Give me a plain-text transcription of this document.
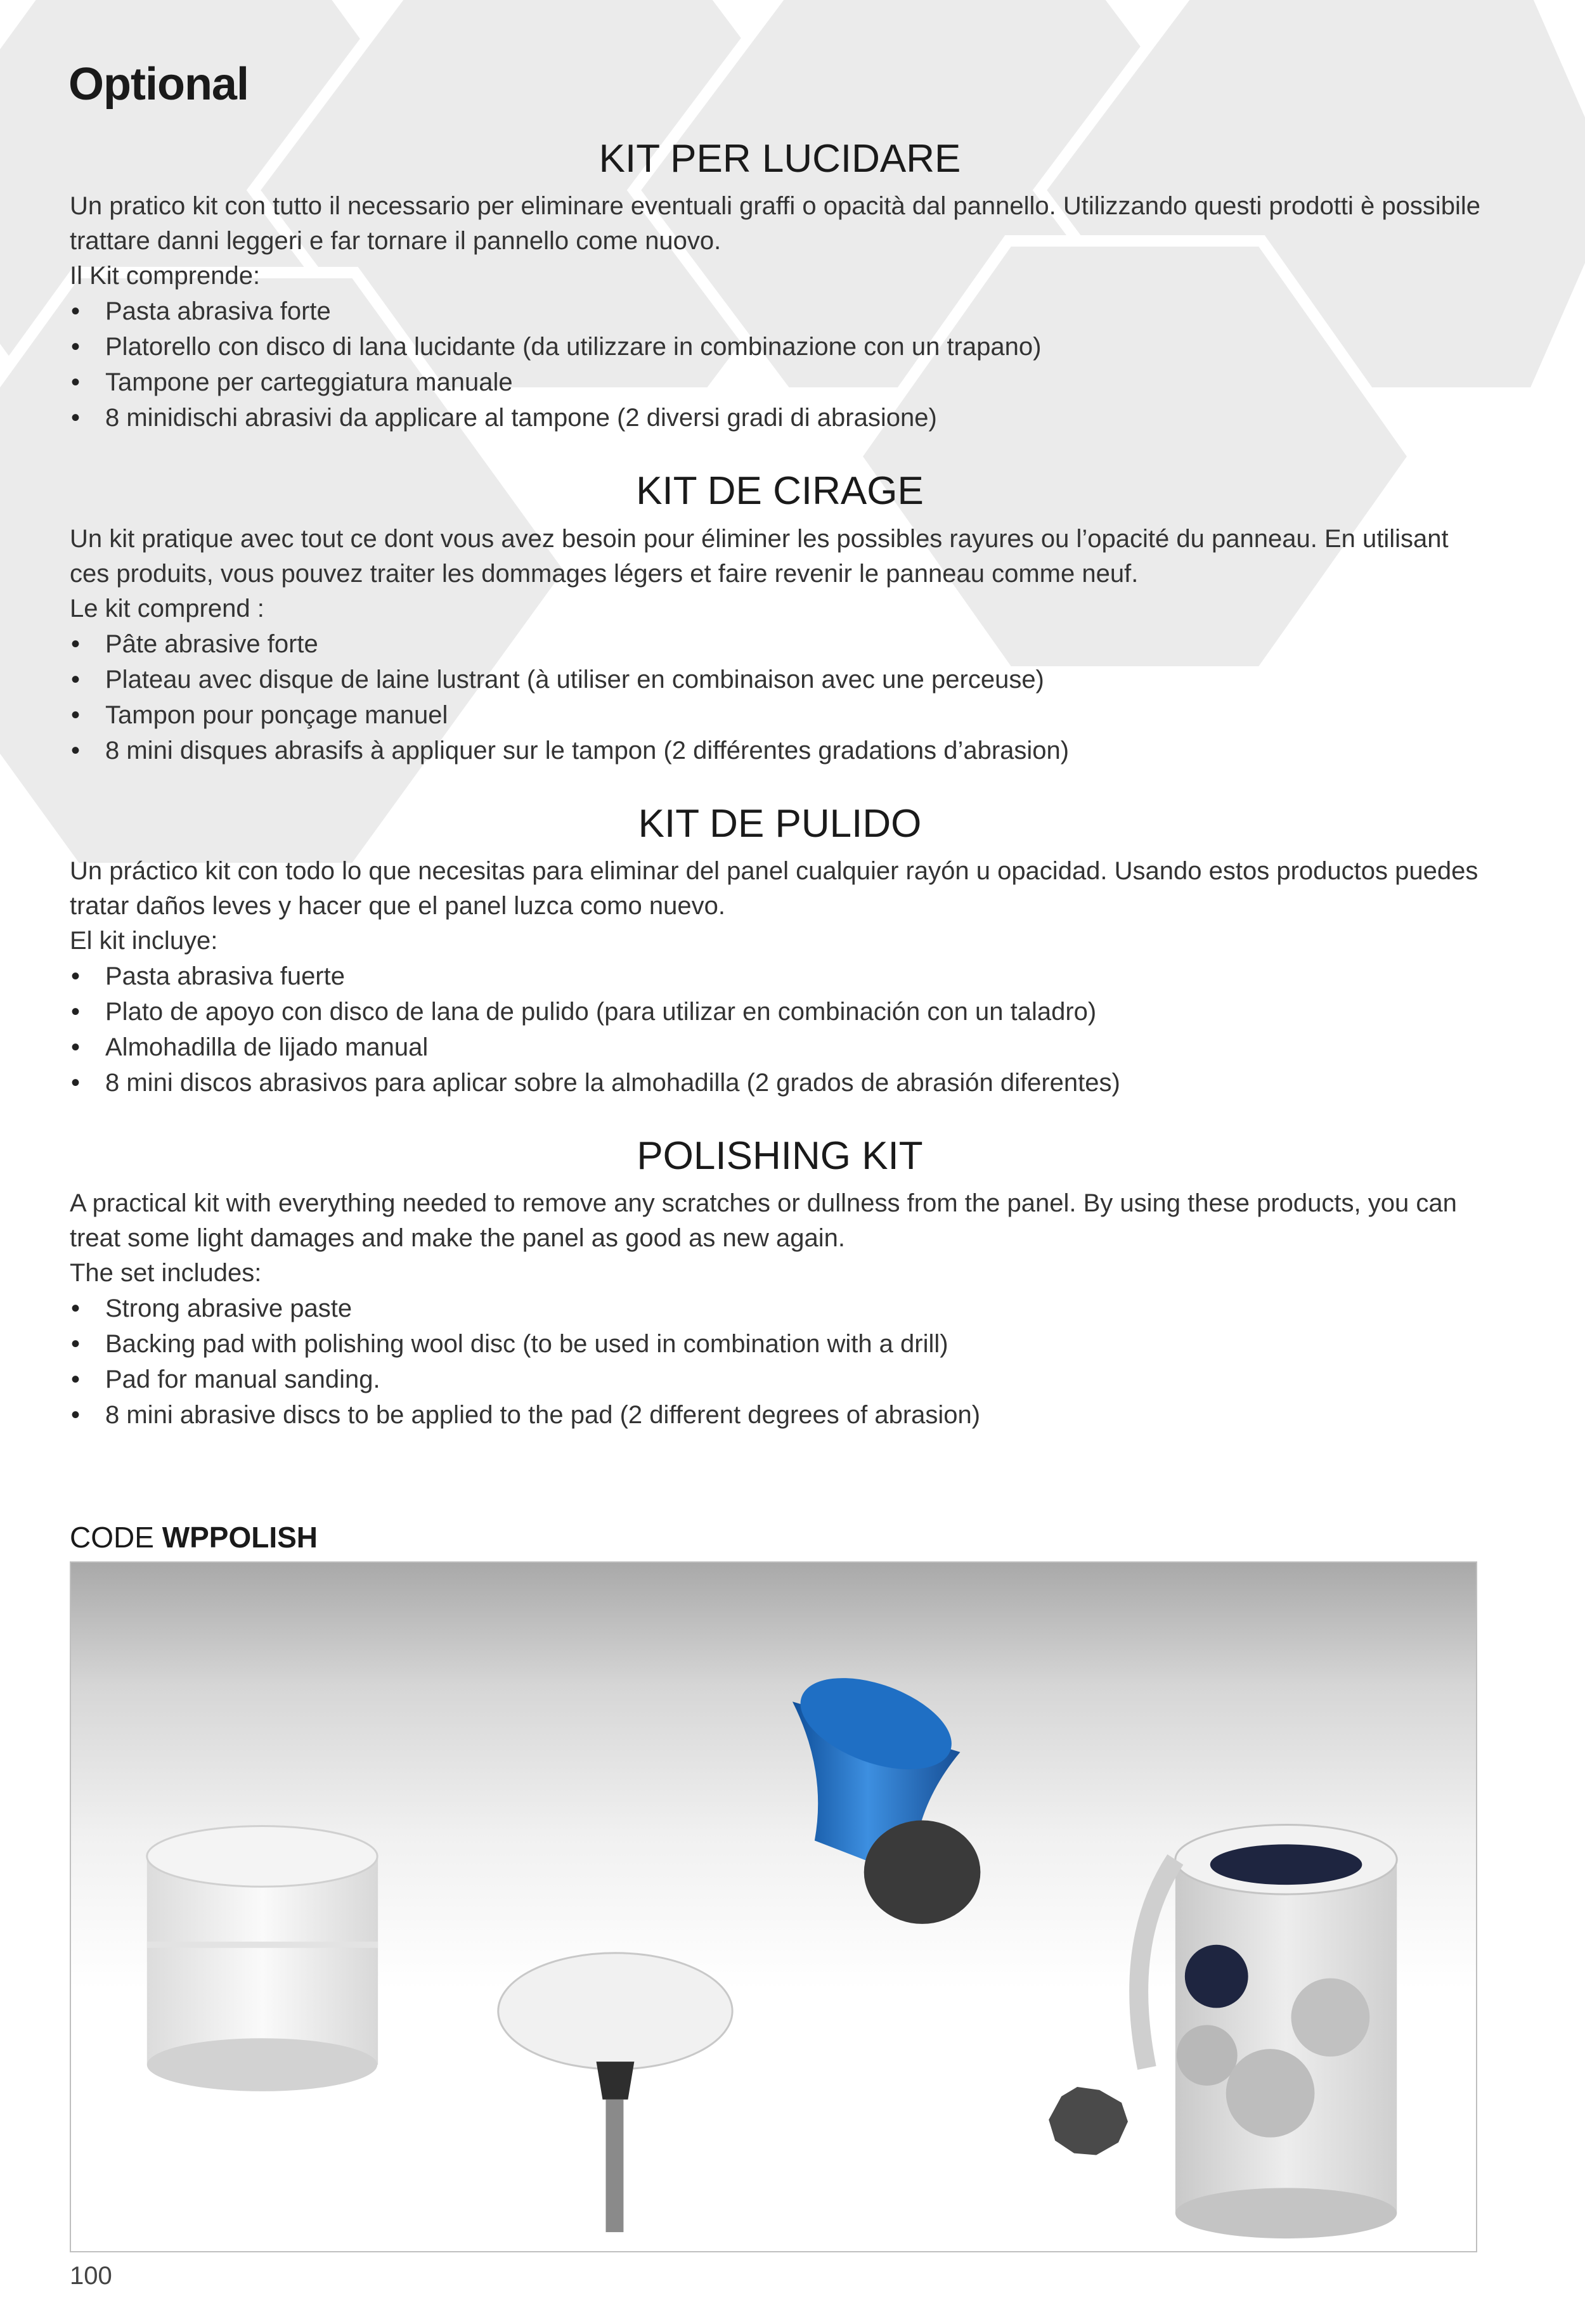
Optional
KIT PER LUCIDARE

Un pratico kit con tutto il necessario per eliminare eventuali graffi o opacità dal pannello. Utilizzando questi prodotti è possibile trattare danni leggeri e far tornare il pannello come nuovo.

Il Kit comprende:

• Pasta abrasiva forte
• Platorello con disco di lana lucidante (da utilizzare in combinazione con un trapano)
• Tampone per carteggiatura manuale
• 8 minidischi abrasivi da applicare al tampone (2 diversi gradi di abrasione)
KIT DE CIRAGE

Un kit pratique avec tout ce dont vous avez besoin pour éliminer les possibles rayures ou l’opacité du panneau. En utilisant ces produits, vous pouvez traiter les dommages légers et faire revenir le panneau comme neuf.

Le kit comprend :

• Pâte abrasive forte
• Plateau avec disque de laine lustrant (à utiliser en combinaison avec une perceuse)
• Tampon pour ponçage manuel
• 8 mini disques abrasifs à appliquer sur le tampon (2 différentes gradations d’abrasion)
KIT DE PULIDO

Un práctico kit con todo lo que necesitas para eliminar del panel cualquier rayón u opacidad. Usando estos productos puedes tratar daños leves y hacer que el panel luzca como nuevo.

El kit incluye:

• Pasta abrasiva fuerte
• Plato de apoyo con disco de lana de pulido (para utilizar en combinación con un taladro)
• Almohadilla de lijado manual
• 8 mini discos abrasivos para aplicar sobre la almohadilla (2 grados de abrasión diferentes)
POLISHING KIT

A practical kit with everything needed to remove any scratches or dullness from the panel. By using these products, you can treat some light damages and make the panel as good as new again.

The set includes:

• Strong abrasive paste
• Backing pad with polishing wool disc (to be used in combination with a drill)
• Pad for manual sanding.
• 8 mini abrasive discs to be applied to the pad (2 different degrees of abrasion)
CODE WPPOLISH
100
